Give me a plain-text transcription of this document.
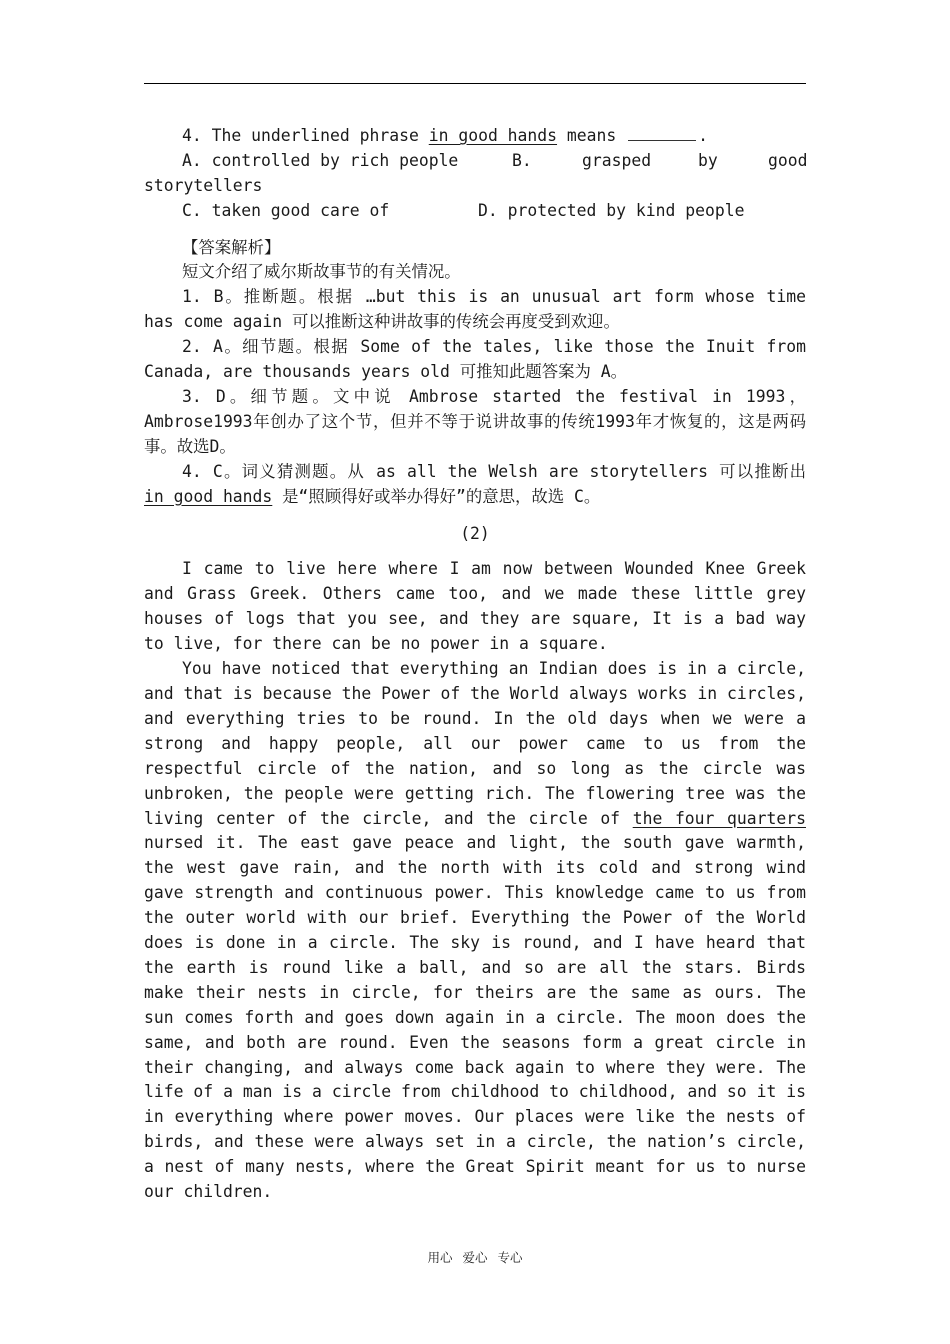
4. The underlined phrase in good hands means	.

A. controlled by rich people	B.	grasped	by	good
storytellers
C. taken good care of	D. protected by kind people

【答案解析】

短文介绍了威尔斯故事节的有关情况。

1. B。推断题。根据 …but this is an unusual art form whose time has come again 可以推断这种讲故事的传统会再度受到欢迎。

2. A。细节题。根据 Some of the tales, like those the Inuit from Canada, are thousands years old 可推知此题答案为 A。

3. D。细节题。文中说 Ambrose started the festival in 1993，Ambrose1993年创办了这个节，但并不等于说讲故事的传统1993年才恢复的，这是两码事。故选D。

4. C。词义猜测题。从 as all the Welsh are storytellers 可以推断出 in good hands 是“照顾得好或举办得好”的意思，故选 C。

(2)

I came to live here where I am now between Wounded Knee Greek and Grass Greek. Others came too, and we made these little grey houses of logs that you see, and they are square, It is a bad way to live, for there can be no power in a square.

You have noticed that everything an Indian does is in a circle, and that is because the Power of the World always works in circles, and everything tries to be round. In the old days when we were a strong and happy people, all our power came to us from the respectful circle of the nation, and so long as the circle was unbroken, the people were getting rich. The flowering tree was the living center of the circle, and the circle of the four quarters nursed it. The east gave peace and light, the south gave warmth, the west gave rain, and the north with its cold and strong wind gave strength and continuous power. This knowledge came to us from the outer world with our brief. Everything the Power of the World does is done in a circle. The sky is round, and I have heard that the earth is round like a ball, and so are all the stars. Birds make their nests in circle, for theirs are the same as ours. The sun comes forth and goes down again in a circle. The moon does the same, and both are round. Even the seasons form a great circle in their changing, and always come back again to where they were. The life of a man is a circle from childhood to childhood, and so it is in everything where power moves. Our places were like the nests of birds, and these were always set in a circle, the nation’s circle, a nest of many nests, where the Great Spirit meant for us to nurse our children.

用心 爱心 专心
